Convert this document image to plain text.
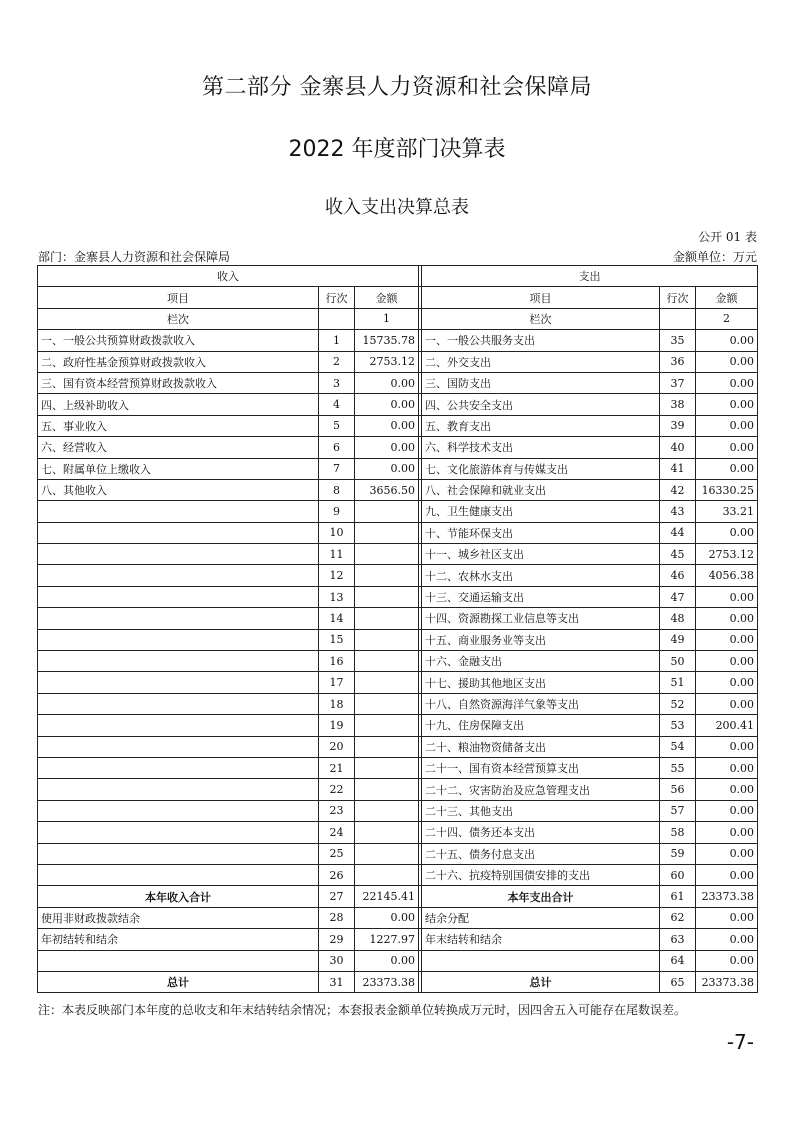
第二部分 金寨县人力资源和社会保障局
2022 年度部门决算表
收入支出决算总表
公开 01 表
部门：金寨县人力资源和社会保障局	金额单位：万元
收入				支出		
项目	行次	金额		项目	行次	金额
栏次		1		栏次		2
一、一般公共预算财政拨款收入	1	15735.78		一、一般公共服务支出	35	0.00
二、政府性基金预算财政拨款收入	2	2753.12		二、外交支出	36	0.00
三、国有资本经营预算财政拨款收入	3	0.00		三、国防支出	37	0.00
四、上级补助收入	4	0.00		四、公共安全支出	38	0.00
五、事业收入	5	0.00		五、教育支出	39	0.00
六、经营收入	6	0.00		六、科学技术支出	40	0.00
七、附属单位上缴收入	7	0.00		七、文化旅游体育与传媒支出	41	0.00
八、其他收入	8	3656.50		八、社会保障和就业支出	42	16330.25
	9			九、卫生健康支出	43	33.21
	10			十、节能环保支出	44	0.00
	11			十一、城乡社区支出	45	2753.12
	12			十二、农林水支出	46	4056.38
	13			十三、交通运输支出	47	0.00
	14			十四、资源勘探工业信息等支出	48	0.00
	15			十五、商业服务业等支出	49	0.00
	16			十六、金融支出	50	0.00
	17			十七、援助其他地区支出	51	0.00
	18			十八、自然资源海洋气象等支出	52	0.00
	19			十九、住房保障支出	53	200.41
	20			二十、粮油物资储备支出	54	0.00
	21			二十一、国有资本经营预算支出	55	0.00
	22			二十二、灾害防治及应急管理支出	56	0.00
	23			二十三、其他支出	57	0.00
	24			二十四、债务还本支出	58	0.00
	25			二十五、债务付息支出	59	0.00
	26			二十六、抗疫特别国债安排的支出	60	0.00
本年收入合计	27	22145.41		本年支出合计	61	23373.38
使用非财政拨款结余	28	0.00		结余分配	62	0.00
年初结转和结余	29	1227.97		年末结转和结余	63	0.00
	30	0.00			64	0.00
总计	31	23373.38		总计	65	23373.38
注：本表反映部门本年度的总收支和年末结转结余情况；本套报表金额单位转换成万元时，因四舍五入可能存在尾数误差。
-7-
